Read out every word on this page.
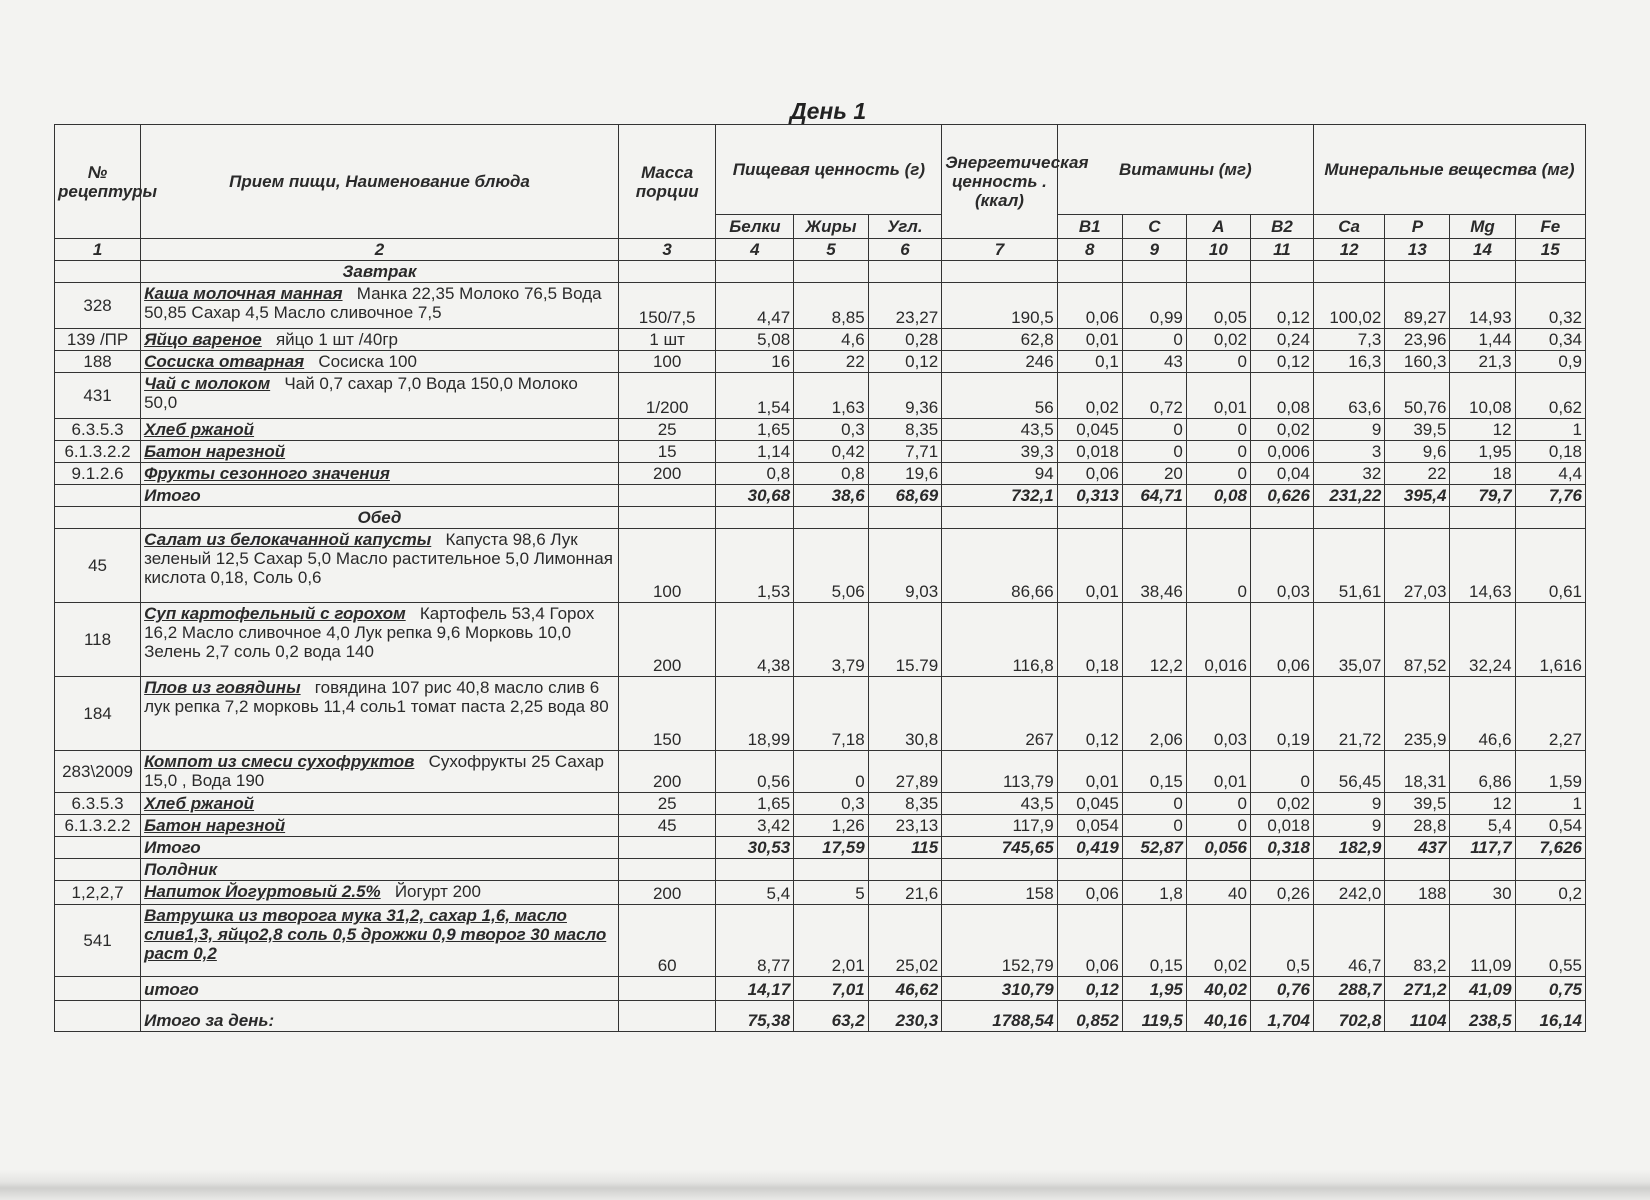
День 1
№ рецептуры	Прием пищи, Наименование блюда	Масса порции	Пищевая ценность (г)			Энергетическая ценность . (ккал)	Витамины (мг)				Минеральные вещества (мг)			
			Белки	Жиры	Угл.		B1	C	A	B2	Ca	P	Mg	Fe
1	2	3	4	5	6	7	8	9	10	11	12	13	14	15
	Завтрак													
328	Каша молочная манная Манка 22,35 Молоко 76,5 Вода 50,85 Сахар 4,5 Масло сливочное 7,5	150/7,5	4,47	8,85	23,27	190,5	0,06	0,99	0,05	0,12	100,02	89,27	14,93	0,32
139 /ПР	Яйцо вареное яйцо 1 шт /40гр	1 шт	5,08	4,6	0,28	62,8	0,01	0	0,02	0,24	7,3	23,96	1,44	0,34
188	Сосиска отварная Сосиска 100	100	16	22	0,12	246	0,1	43	0	0,12	16,3	160,3	21,3	0,9
431	Чай с молоком Чай 0,7 сахар 7,0 Вода 150,0 Молоко 50,0	1/200	1,54	1,63	9,36	56	0,02	0,72	0,01	0,08	63,6	50,76	10,08	0,62
6.3.5.3	Хлеб ржаной	25	1,65	0,3	8,35	43,5	0,045	0	0	0,02	9	39,5	12	1
6.1.3.2.2	Батон нарезной	15	1,14	0,42	7,71	39,3	0,018	0	0	0,006	3	9,6	1,95	0,18
9.1.2.6	Фрукты сезонного значения	200	0,8	0,8	19,6	94	0,06	20	0	0,04	32	22	18	4,4
	Итого		30,68	38,6	68,69	732,1	0,313	64,71	0,08	0,626	231,22	395,4	79,7	7,76
	Обед													
45	Салат из белокачанной капусты Капуста 98,6 Лук зеленый 12,5 Сахар 5,0 Масло растительное 5,0 Лимонная кислота 0,18, Соль 0,6	100	1,53	5,06	9,03	86,66	0,01	38,46	0	0,03	51,61	27,03	14,63	0,61
118	Суп картофельный с горохом Картофель 53,4 Горох 16,2 Масло сливочное 4,0 Лук репка 9,6 Морковь 10,0 Зелень 2,7 соль 0,2 вода 140	200	4,38	3,79	15.79	116,8	0,18	12,2	0,016	0,06	35,07	87,52	32,24	1,616
184	Плов из говядины говядина 107 рис 40,8 масло слив 6 лук репка 7,2 морковь 11,4 соль1 томат паста 2,25 вода 80	150	18,99	7,18	30,8	267	0,12	2,06	0,03	0,19	21,72	235,9	46,6	2,27
283\2009	Компот из смеси сухофруктов Сухофрукты 25 Сахар 15,0 , Вода 190	200	0,56	0	27,89	113,79	0,01	0,15	0,01	0	56,45	18,31	6,86	1,59
6.3.5.3	Хлеб ржаной	25	1,65	0,3	8,35	43,5	0,045	0	0	0,02	9	39,5	12	1
6.1.3.2.2	Батон нарезной	45	3,42	1,26	23,13	117,9	0,054	0	0	0,018	9	28,8	5,4	0,54
	Итого		30,53	17,59	115	745,65	0,419	52,87	0,056	0,318	182,9	437	117,7	7,626
	Полдник													
1,2,2,7	Напиток Йогуртовый 2.5% Йогурт 200	200	5,4	5	21,6	158	0,06	1,8	40	0,26	242,0	188	30	0,2
541	Ватрушка из творога мука 31,2, сахар 1,6, масло слив1,3, яйцо2,8 соль 0,5 дрожжи 0,9 творог 30 масло раст 0,2	60	8,77	2,01	25,02	152,79	0,06	0,15	0,02	0,5	46,7	83,2	11,09	0,55
	итого		14,17	7,01	46,62	310,79	0,12	1,95	40,02	0,76	288,7	271,2	41,09	0,75
	Итого за день:		75,38	63,2	230,3	1788,54	0,852	119,5	40,16	1,704	702,8	1104	238,5	16,14
